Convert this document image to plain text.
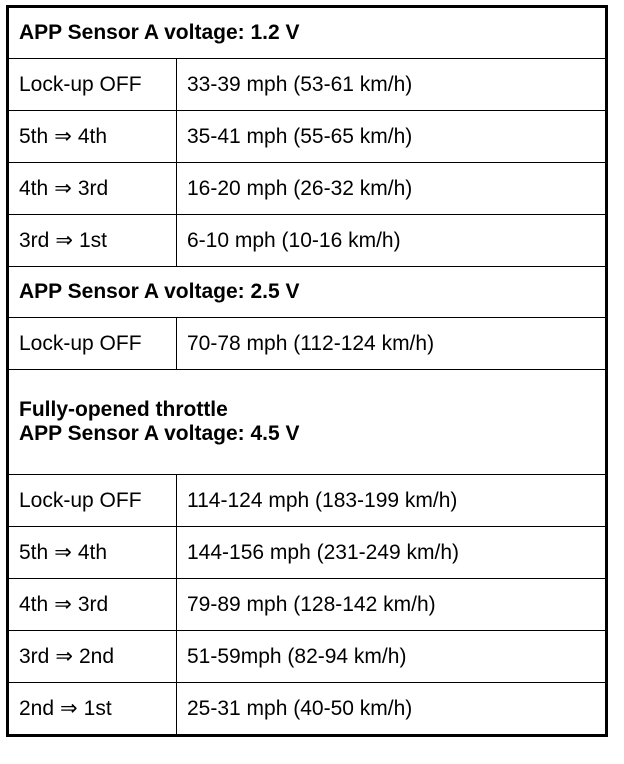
APP Sensor A voltage: 1.2 V	
Lock-up OFF	33-39 mph (53-61 km/h)
5th ⇒ 4th	35-41 mph (55-65 km/h)
4th ⇒ 3rd	16-20 mph (26-32 km/h)
3rd ⇒ 1st	6-10 mph (10-16 km/h)
APP Sensor A voltage: 2.5 V	
Lock-up OFF	70-78 mph (112-124 km/h)

Fully-opened throttle
APP Sensor A voltage: 4.5 V	

Lock-up OFF	114-124 mph (183-199 km/h)
5th ⇒ 4th	144-156 mph (231-249 km/h)
4th ⇒ 3rd	79-89 mph (128-142 km/h)
3rd ⇒ 2nd	51-59mph (82-94 km/h)
2nd ⇒ 1st	25-31 mph (40-50 km/h)
